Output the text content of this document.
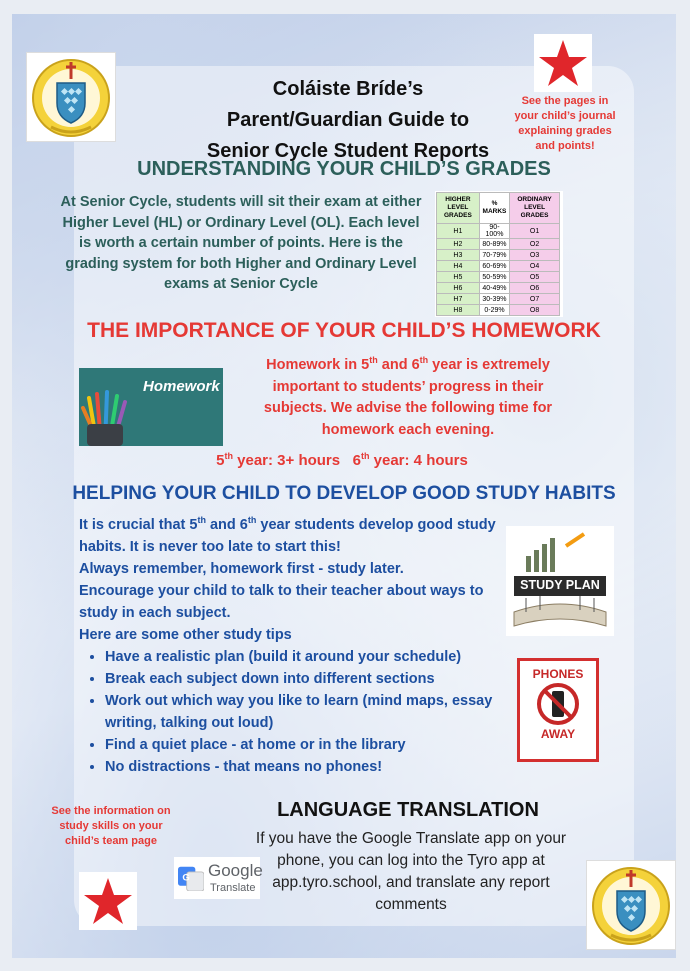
Coláiste Bríde’s
Parent/Guardian Guide to
Senior Cycle Student Reports
See the pages in your child’s journal explaining grades and points!
UNDERSTANDING YOUR CHILD’S GRADES
At Senior Cycle, students will sit their exam at either Higher Level (HL) or Ordinary Level (OL). Each level is worth a certain number of points. Here is the grading system for both Higher and Ordinary Level exams at Senior Cycle
HIGHER LEVEL GRADES	% MARKS	ORDINARY LEVEL GRADES
H1	90-100%	O1
H2	80-89%	O2
H3	70-79%	O3
H4	60-69%	O4
H5	50-59%	O5
H6	40-49%	O6
H7	30-39%	O7
H8	0-29%	O8
THE IMPORTANCE OF YOUR CHILD’S HOMEWORK
Homework
Homework in 5th and 6th year is extremely important to students’ progress in their subjects. We advise the following time for homework each evening.
5th year: 3+ hours 6th year: 4 hours
HELPING YOUR CHILD TO DEVELOP GOOD STUDY HABITS
It is crucial that 5th and 6th year students develop good study habits. It is never too late to start this!
Always remember, homework first - study later.
Encourage your child to talk to their teacher about ways to study in each subject.
Here are some other study tips
• Have a realistic plan (build it around your schedule)
• Break each subject down into different sections
• Work out which way you like to learn (mind maps, essay writing, talking out loud)
• Find a quiet place - at home or in the library
• No distractions - that means no phones!
STUDY PLAN
PHONES
AWAY
See the information on study skills on your child’s team page
LANGUAGE TRANSLATION
If you have the Google Translate app on your phone, you can log into the Tyro app at app.tyro.school, and translate any report comments
G Google
Translate
